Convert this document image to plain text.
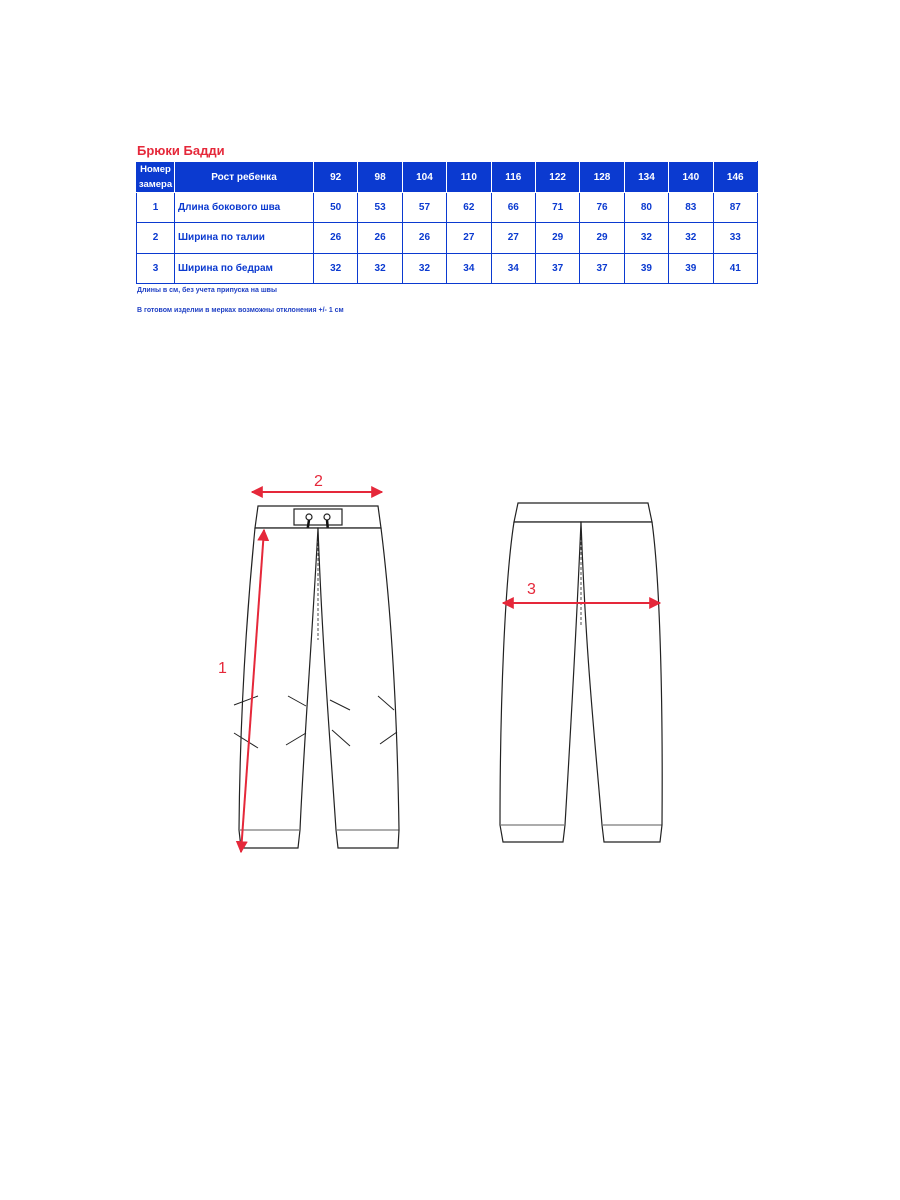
Брюки Бадди
Номер замера	Рост ребенка	92	98	104	110	116	122	128	134	140	146
1	Длина бокового шва	50	53	57	62	66	71	76	80	83	87
2	Ширина по талии	26	26	26	27	27	29	29	32	32	33
3	Ширина по бедрам	32	32	32	34	34	37	37	39	39	41
Длины в см, без учета припуска на швы
В готовом изделии в мерках возможны отклонения +/- 1 см
1
2
3
